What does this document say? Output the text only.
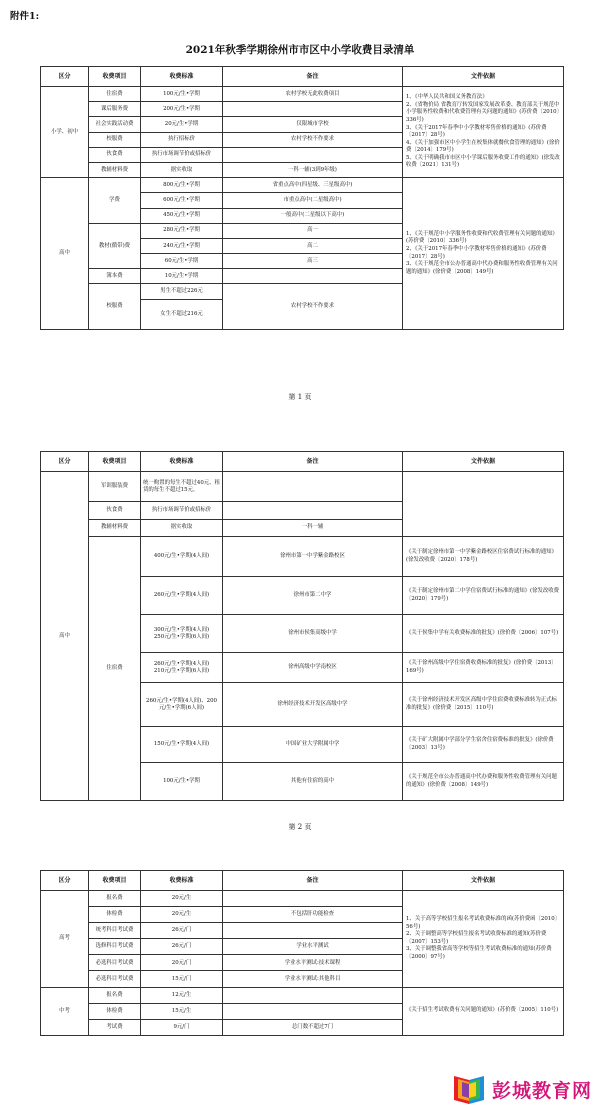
附件1:
2021年秋季学期徐州市市区中小学收费目录清单
区分	收费项目	收费标准	备注	文件依据
小学、初中	住宿费	100元/生•学期	农村学校无此收费项目	1、《中华人民共和国义务教育法》
2、《省物价局 省教育厅转发国家发展改革委、教育部关于规范中小学服务性收费和代收费管理有关问题的通知》(苏价费〔2010〕336号)
3、《关于2017年春季中小学教材零售价格的通知》(苏价费〔2017〕28号)
4、《关于加强市区中小学生在校集体就餐伙食管理的通知》(徐价费〔2014〕179号)
5、《关于明确我市市区中小学课后服务收费工作的通知》(徐发改收费〔2021〕131号)

	课后服务费	200元/生•学期		
	社会实践活动费	20元/生•学期	仅限城市学校	
	校服费	执行招标价	农村学校不作要求	
	伙食费	执行市场调节价或招标价		
	教辅材料费	据实收取	一科一辅(3到9年级)	
高中	学费	800元/生•学期	省重点高中(四星级、三星级高中)	1、《关于规范中小学服务性收费和代收费管理有关问题的通知》(苏价费〔2010〕336号)
2、《关于2017年春季中小学教材零售价格的通知》(苏价费〔2017〕28号)
3、《关于规范全市公办普通高中代办费和服务性收费管理有关问题的通知》(徐价费〔2008〕149号)

		600元/生•学期	市重点高中(二星级高中)	
		450元/生•学期	一般高中(二星级以下高中)	
	教材(循带)费	280元/生•学期	高一	
		240元/生•学期	高二	
		60元/生•学期	高三	
	簿本费	10元/生•学期		
	校服费	男生不超过226元	农村学校不作要求	
		女生不超过216元		

第 1 页
区分	收费项目	收费标准	备注	文件依据
高中	军训服装费	统一购置的每生不超过40元、租赁的每生不超过15元。		
	伙食费	执行市场调节价或招标价		
	教辅材料费	据实收取	一科一辅	
	住宿费	400元/生•学期(4人间)	徐州市第一中学紫金路校区	《关于制定徐州市第一中学紫金路校区住宿费试行标准的通知》(徐发改收费〔2020〕178号)
		260元/生•学期(4人间)	徐州市第二中学	《关于制定徐州市第二中学住宿费试行标准的通知》(徐发改收费〔2020〕179号)
		300元/生•学期(4人间)
250元/生•学期(6人间)	徐州市侯集高级中学	《关于侯集中学有关收费标准的批复》(徐价费〔2006〕107号)
		260元/生•学期(4人间)
210元/生•学期(6人间)	徐州高级中学南校区	《关于徐州高级中学住宿费收费标准的批复》(徐价费〔2013〕169号)
		260元/生•学期(4人间)、200元/生•学期(6人间)	徐州经济技术开发区高级中学	《关于徐州经济技术开发区高级中学住宿费收费标准转为正式标准的批复》(徐价费〔2015〕110号)
		150元/生•学期(4人间)	中国矿业大学附属中学	《关于矿大附属中学部分学生宿舍住宿费标准的批复》(徐价费〔2003〕13号)
		100元/生•学期	其他有住宿的高中	《关于规范全市公办普通高中代办费和服务性收费管理有关问题的通知》(徐价费〔2008〕149号)
第 2 页
区分	收费项目	收费标准	备注	文件依据
高考	报名费	20元/生		1、关于高等学校招生报名考试收费标准的函(苏价费函〔2010〕56号)
2、关于调整高等学校招生报名考试收费标准的通知(苏价费〔2007〕153号)
3、关于调整我省高等学校等招生考试收费标准的通知(苏价费〔2000〕97号)

	体检费	20元/生	不包括肝功能检查	
	统考科目考试费	26元/门		
	选修科目考试费	26元/门	学业水平测试	
	必选科目考试费	20元/门	学业水平测试:技术课程	
	必选科目考试费	15元/门	学业水平测试:其他科目	
中考	报名费	12元/生		《关于招生考试收费有关问题的通知》(苏价费〔2005〕110号)
	体检费	15元/生		
	考试费	9元/门	总门数不超过7门	
彭城教育网
